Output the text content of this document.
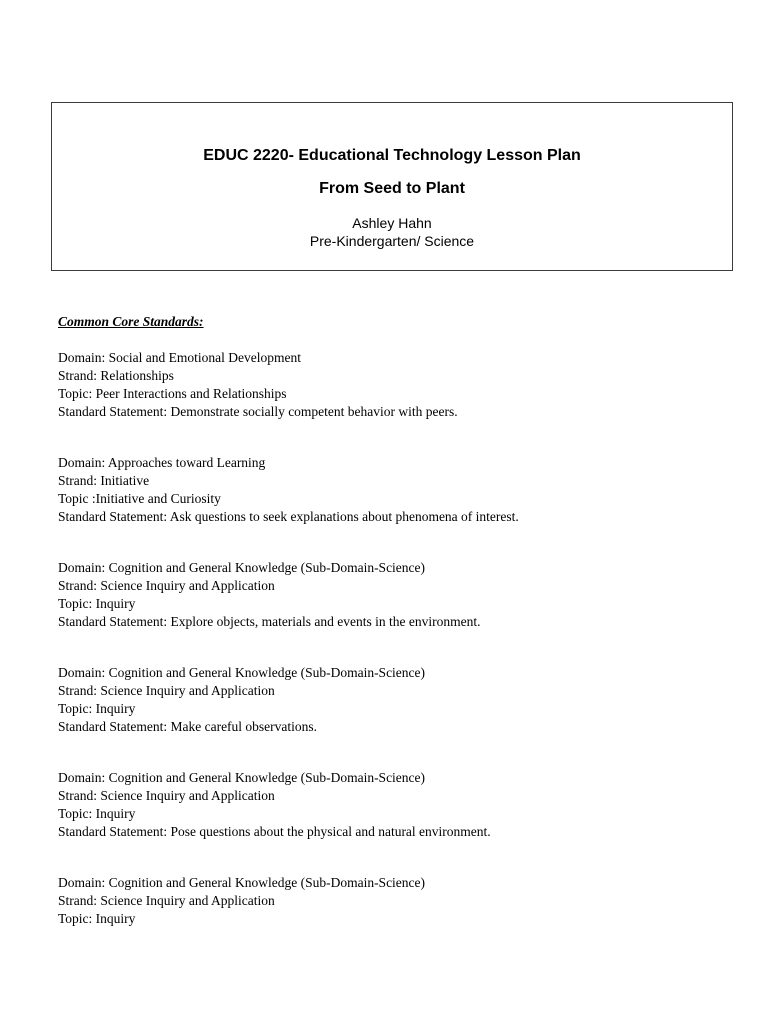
EDUC 2220- Educational Technology Lesson Plan
From Seed to Plant
Ashley Hahn
Pre-Kindergarten/ Science
Common Core Standards:
Domain: Social and Emotional Development
Strand: Relationships
Topic: Peer Interactions and Relationships
Standard Statement: Demonstrate socially competent behavior with peers.
Domain: Approaches toward Learning
Strand: Initiative
Topic :Initiative and Curiosity
Standard Statement: Ask questions to seek explanations about phenomena of interest.
Domain: Cognition and General Knowledge (Sub-Domain-Science)
Strand: Science Inquiry and Application
Topic: Inquiry
Standard Statement: Explore objects, materials and events in the environment.
Domain: Cognition and General Knowledge (Sub-Domain-Science)
Strand: Science Inquiry and Application
Topic: Inquiry
Standard Statement: Make careful observations.
Domain: Cognition and General Knowledge (Sub-Domain-Science)
Strand: Science Inquiry and Application
Topic: Inquiry
Standard Statement: Pose questions about the physical and natural environment.
Domain: Cognition and General Knowledge (Sub-Domain-Science)
Strand: Science Inquiry and Application
Topic: Inquiry
